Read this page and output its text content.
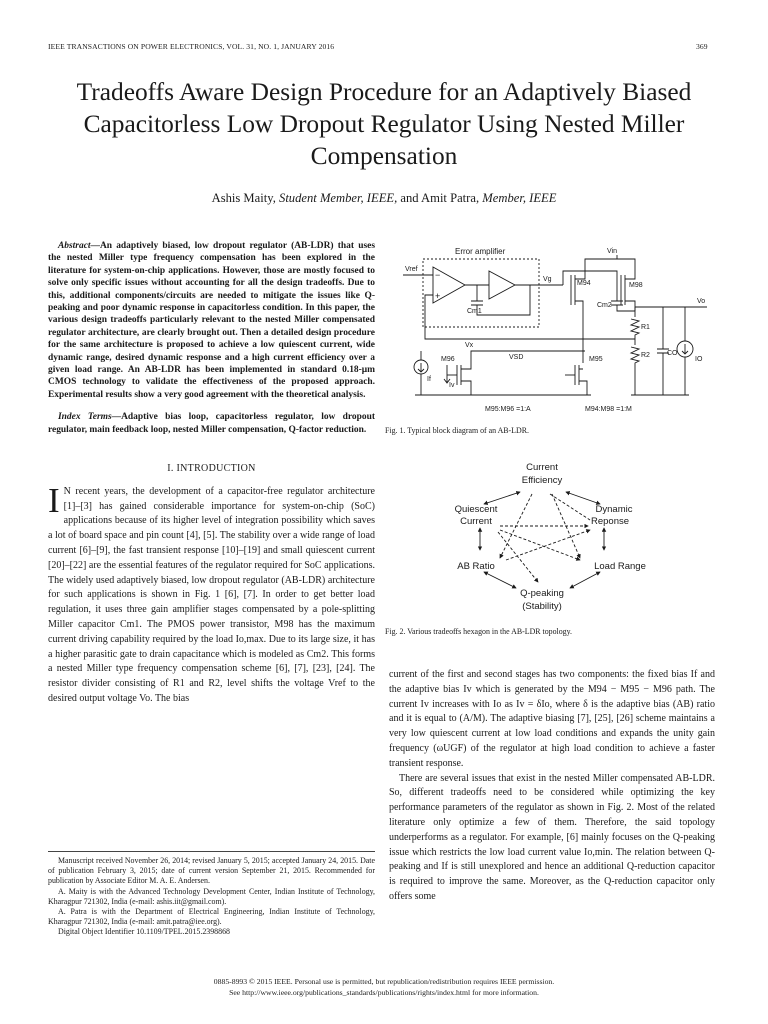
IEEE TRANSACTIONS ON POWER ELECTRONICS, VOL. 31, NO. 1, JANUARY 2016	369
Tradeoffs Aware Design Procedure for an Adaptively Biased Capacitorless Low Dropout Regulator Using Nested Miller Compensation
Ashis Maity, Student Member, IEEE, and Amit Patra, Member, IEEE

Abstract—An adaptively biased, low dropout regulator (AB-LDR) that uses the nested Miller type frequency compensation has been explored in the literature for system-on-chip applications. However, those are mostly focused to solve only specific issues without accounting for all the design tradeoffs. Due to this, additional components/circuits are needed to mitigate the issues like Q-peaking and poor dynamic response in capacitorless condition. In this paper, the various design tradeoffs particularly relevant to the nested Miller compensated regulator architecture, are clearly brought out. Then a detailed design procedure for the same architecture is proposed to achieve a low quiescent current, wide dynamic range, desired dynamic response and a high current efficiency over a given load range. An AB-LDR has been implemented in standard 0.18-μm CMOS technology to validate the effectiveness of the proposed approach. Experimental results show a very good agreement with the theoretical analysis.

Index Terms—Adaptive bias loop, capacitorless regulator, low dropout regulator, main feedback loop, nested Miller compensation, Q-factor reduction.

I. INTRODUCTION

I N recent years, the development of a capacitor-free regulator architecture [1]–[3] has gained considerable importance for system-on-chip (SoC) applications because of its higher level of integration possibility which saves a lot of board space and pin count [4], [5]. The stability over a wide range of load current [6]–[9], the fast transient response [10]–[19] and small quiescent current [20]–[22] are the essential features of the regulator required for SoC applications. The widely used adaptively biased, low dropout regulator (AB-LDR) architecture for such applications is shown in Fig. 1 [6], [7]. In order to get better load regulation, it uses three gain amplifier stages compensated by a pole-splitting Miller capacitor Cm1. The PMOS power transistor, M98 has the maximum current driving capability required by the load Io,max. Due to its large size, it has a higher parasitic gate to drain capacitance which is modeled as Cm2. This forms a nested Miller type frequency compensation scheme [6], [7], [23], [24]. The resistor divider consisting of R1 and R2, level shifts the voltage Vref to the desired output voltage Vo. The bias

Manuscript received November 26, 2014; revised January 5, 2015; accepted January 24, 2015. Date of publication February 3, 2015; date of current version September 21, 2015. Recommended for publication by Associate Editor M. A. E. Andersen.

A. Maity is with the Advanced Technology Development Center, Indian Institute of Technology, Kharagpur 721302, India (e-mail: ashis.iit@gmail.com).

A. Patra is with the Department of Electrical Engineering, Indian Institute of Technology, Kharagpur 721302, India (e-mail: amit.patra@iee.org).

Digital Object Identifier 10.1109/TPEL.2015.2398868

Error amplifier
Vref
Vin
Vg
M94	M98
Cm1
Cm2
Vo
R1
R2 CO
IO
M96	M95
Vx
VSD
If
Iv
M95:M96 =1:A	M94:M98 =1:M
−
+
Fig. 1. Typical block diagram of an AB-LDR.
Current
Efficiency
Quiescent
Current
Dynamic
Reponse
AB Ratio	Load Range
Q-peaking
(Stability)
Fig. 2. Various tradeoffs hexagon in the AB-LDR topology.

current of the first and second stages has two components: the fixed bias If and the adaptive bias Iv which is generated by the M94 − M95 − M96 path. The current Iv increases with Io as Iv = δIo, where δ is the adaptive bias (AB) ratio and it is equal to (A/M). The adaptive biasing [7], [25], [26] scheme maintains a very low quiescent current at low load conditions and expands the unity gain frequency (ωUGF) of the regulator at high load condition to achieve a faster transient response.

There are several issues that exist in the nested Miller compensated AB-LDR. So, different tradeoffs need to be considered while optimizing the key performance parameters of the regulator as shown in Fig. 2. Most of the related literature only optimize a few of them. Therefore, the said topology underperforms as a regulator. For example, [6] mainly focuses on the Q-peaking issue which restricts the low load current value Io,min. The relation between Q-peaking and If is still unexplored and hence an additional Q-reduction capacitor is required to improve the same. Moreover, as the Q-reduction capacitor only offers some

0885-8993 © 2015 IEEE. Personal use is permitted, but republication/redistribution requires IEEE permission.
See http://www.ieee.org/publications_standards/publications/rights/index.html for more information.
